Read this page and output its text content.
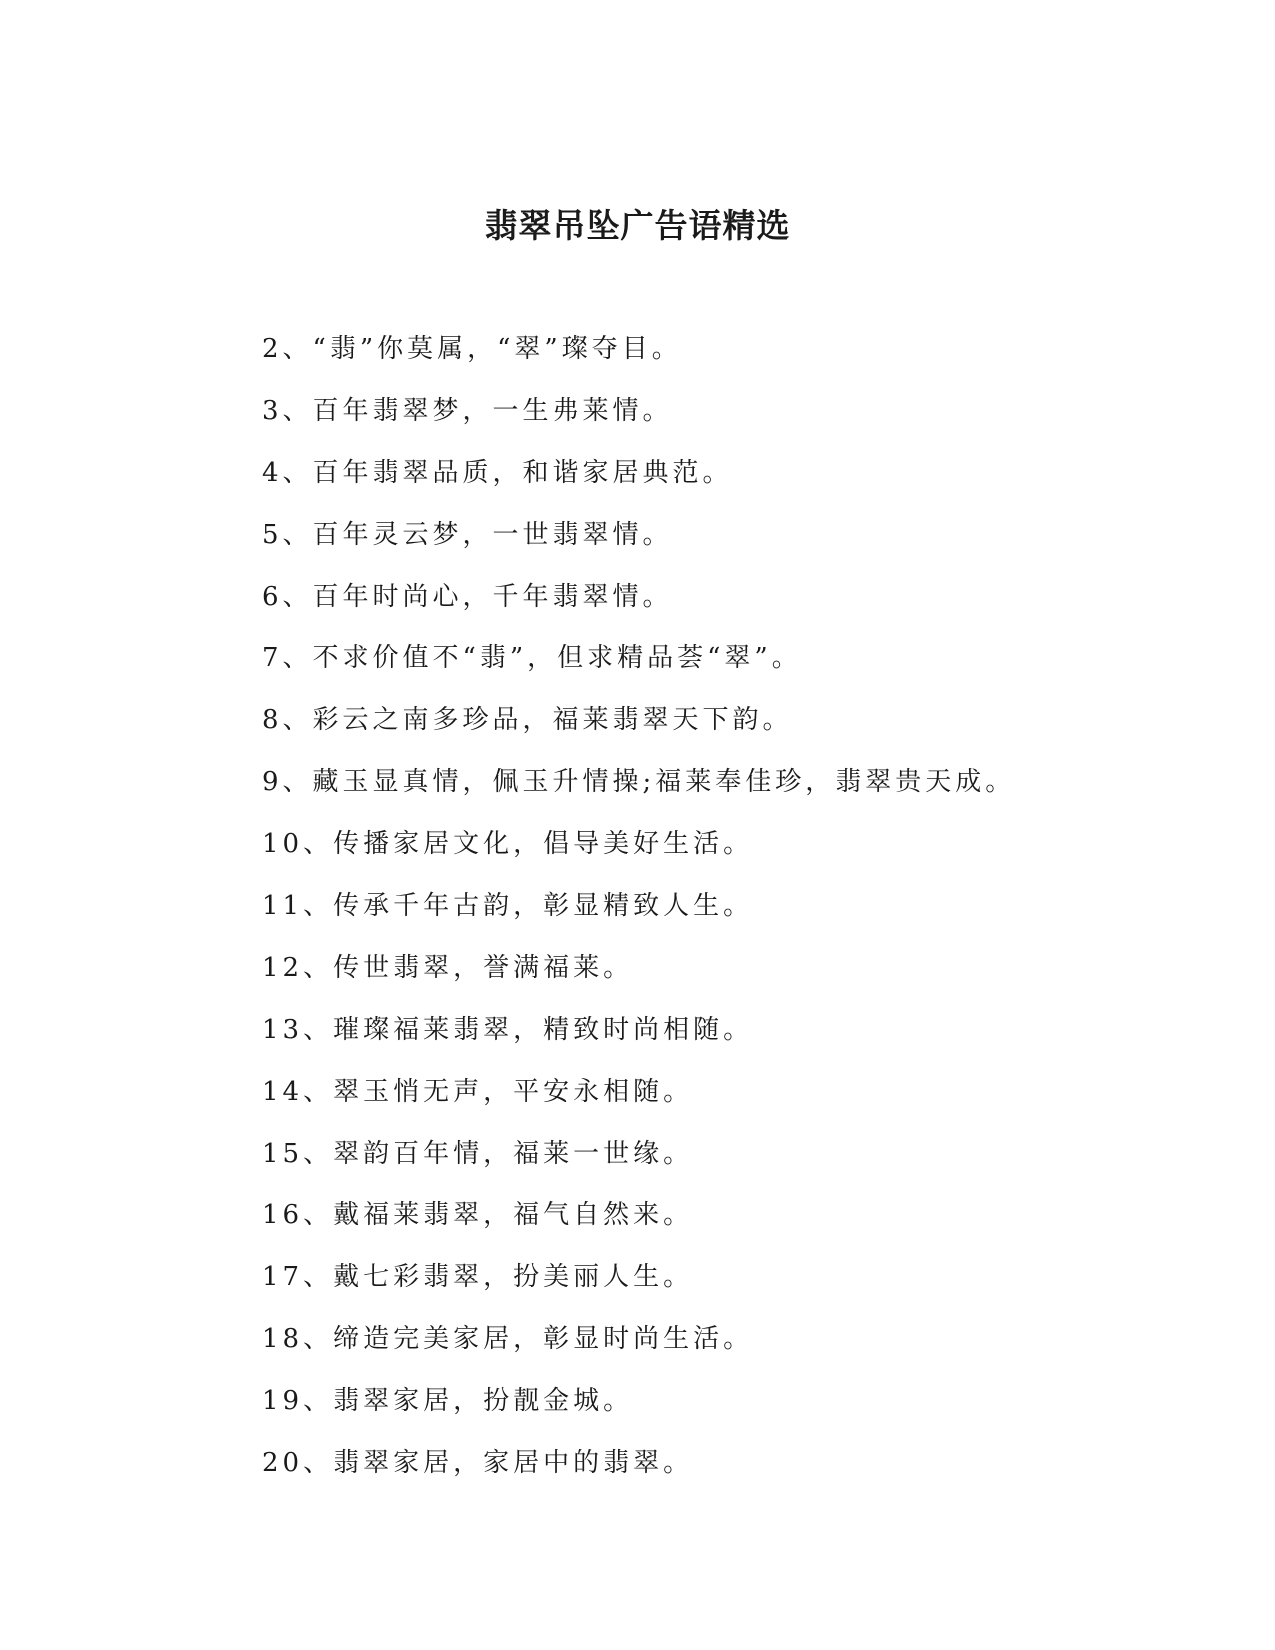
翡翠吊坠广告语精选
2、“翡”你莫属，“翠”璨夺目。
3、百年翡翠梦，一生弗莱情。
4、百年翡翠品质，和谐家居典范。
5、百年灵云梦，一世翡翠情。
6、百年时尚心，千年翡翠情。
7、不求价值不“翡”，但求精品荟“翠”。
8、彩云之南多珍品，福莱翡翠天下韵。
9、藏玉显真情，佩玉升情操;福莱奉佳珍，翡翠贵天成。
10、传播家居文化，倡导美好生活。
11、传承千年古韵，彰显精致人生。
12、传世翡翠，誉满福莱。
13、璀璨福莱翡翠，精致时尚相随。
14、翠玉悄无声，平安永相随。
15、翠韵百年情，福莱一世缘。
16、戴福莱翡翠，福气自然来。
17、戴七彩翡翠，扮美丽人生。
18、缔造完美家居，彰显时尚生活。
19、翡翠家居，扮靓金城。
20、翡翠家居，家居中的翡翠。
